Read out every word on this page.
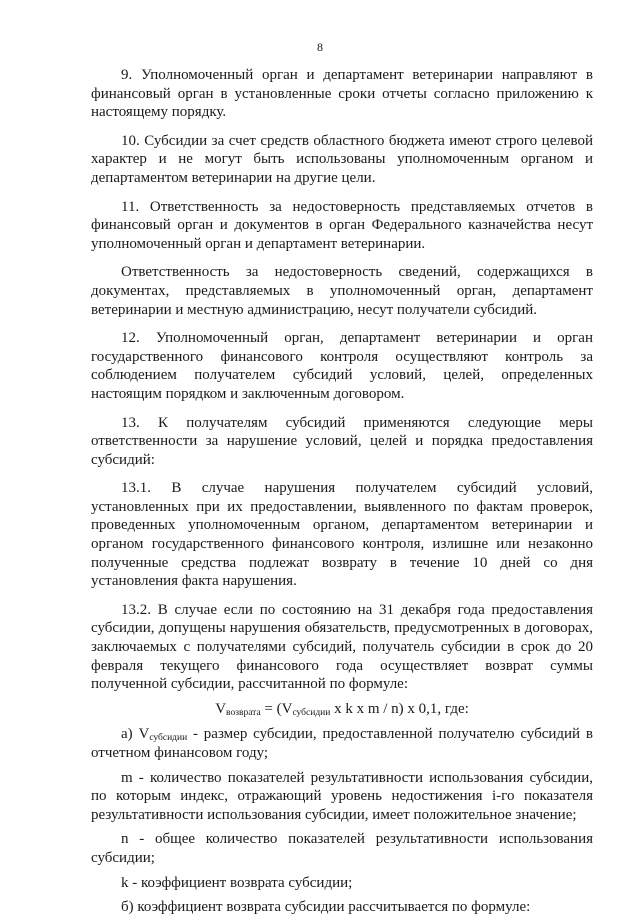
8

9. Уполномоченный орган и департамент ветеринарии направляют в финансовый орган в установленные сроки отчеты согласно приложению к настоящему порядку.

10. Субсидии за счет средств областного бюджета имеют строго целевой характер и не могут быть использованы уполномоченным органом и департаментом ветеринарии на другие цели.

11. Ответственность за недостоверность представляемых отчетов в финансовый орган и документов в орган Федерального казначейства несут уполномоченный орган и департамент ветеринарии.

Ответственность за недостоверность сведений, содержащихся в документах, представляемых в уполномоченный орган, департамент ветеринарии и местную администрацию, несут получатели субсидий.

12. Уполномоченный орган, департамент ветеринарии и орган государственного финансового контроля осуществляют контроль за соблюдением получателем субсидий условий, целей, определенных настоящим порядком и заключенным договором.

13. К получателям субсидий применяются следующие меры ответственности за нарушение условий, целей и порядка предоставления субсидий:

13.1. В случае нарушения получателем субсидий условий, установленных при их предоставлении, выявленного по фактам проверок, проведенных уполномоченным органом, департаментом ветеринарии и органом государственного финансового контроля, излишне или незаконно полученные средства подлежат возврату в течение 10 дней со дня установления факта нарушения.

13.2. В случае если по состоянию на 31 декабря года предоставления субсидии, допущены нарушения обязательств, предусмотренных в договорах, заключаемых с получателями субсидий, получатель субсидии в срок до 20 февраля текущего финансового года осуществляет возврат суммы полученной субсидии, рассчитанной по формуле:

$V_{возврата} = (V_{субсидии}$ x k x m / n) x 0,1, где:

а) $V_{субсидии}$ - размер субсидии, предоставленной получателю субсидий в отчетном финансовом году;

m - количество показателей результативности использования субсидии, по которым индекс, отражающий уровень недостижения i-го показателя результативности использования субсидии, имеет положительное значение;

n - общее количество показателей результативности использования субсидии;

k - коэффициент возврата субсидии;

б) коэффициент возврата субсидии рассчитывается по формуле:
